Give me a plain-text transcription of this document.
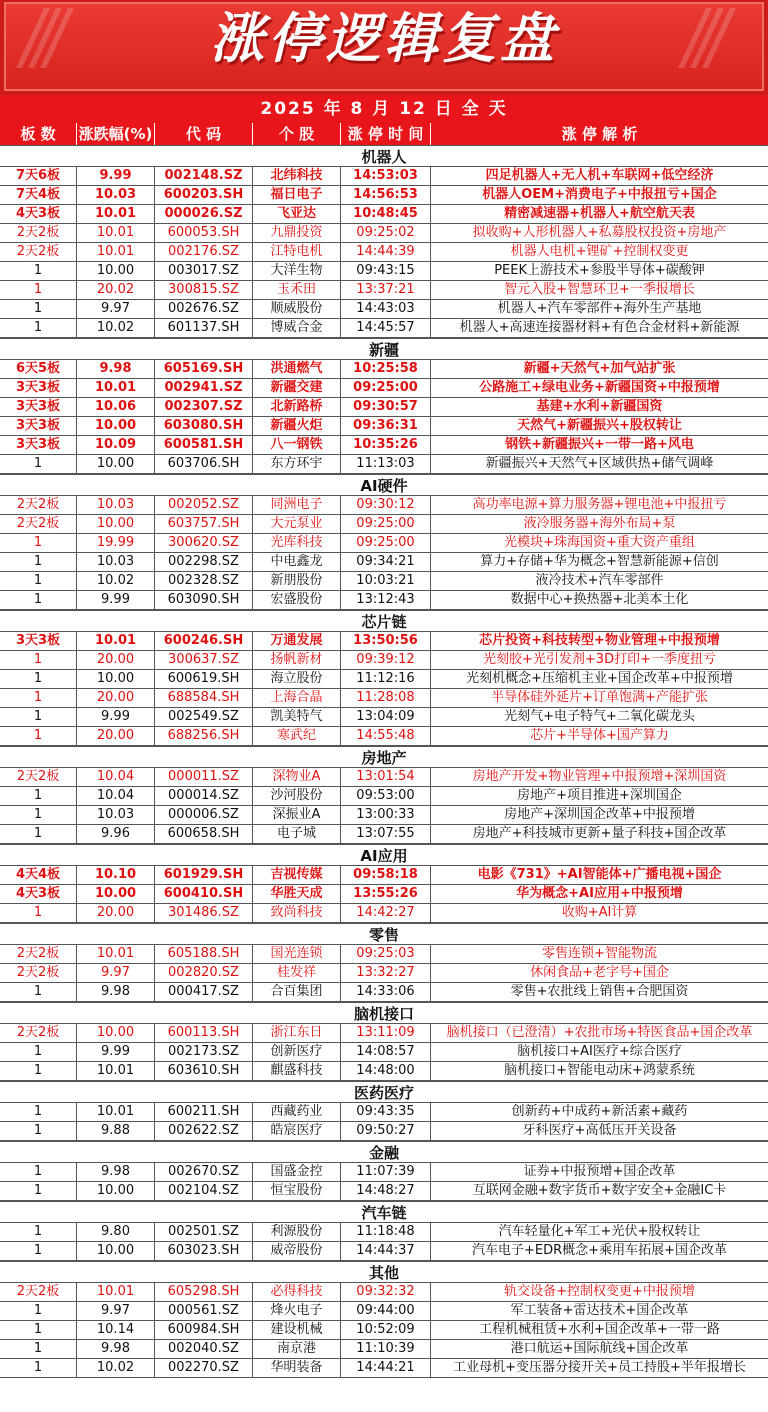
涨停逻辑复盘
2025 年 8 月 12 日 全 天
板 数	涨跌幅(%)	代 码	个 股	涨 停 时 间	涨 停 解 析
机器人
7天6板	9.99	002148.SZ	北纬科技	14:53:03	四足机器人+无人机+车联网+低空经济
7天4板	10.03	600203.SH	福日电子	14:56:53	机器人OEM+消费电子+中报扭亏+国企
4天3板	10.01	000026.SZ	飞亚达	10:48:45	精密减速器+机器人+航空航天表
2天2板	10.01	600053.SH	九鼎投资	09:25:02	拟收购+人形机器人+私募股权投资+房地产
2天2板	10.01	002176.SZ	江特电机	14:44:39	机器人电机+锂矿+控制权变更
1	10.00	003017.SZ	大洋生物	09:43:15	PEEK上游技术+参股半导体+碳酸钾
1	20.02	300815.SZ	玉禾田	13:37:21	智元入股+智慧环卫+一季报增长
1	9.97	002676.SZ	顺威股份	14:43:03	机器人+汽车零部件+海外生产基地
1	10.02	601137.SH	博威合金	14:45:57	机器人+高速连接器材料+有色合金材料+新能源
新疆
6天5板	9.98	605169.SH	洪通燃气	10:25:58	新疆+天然气+加气站扩张
3天3板	10.01	002941.SZ	新疆交建	09:25:00	公路施工+绿电业务+新疆国资+中报预增
3天3板	10.06	002307.SZ	北新路桥	09:30:57	基建+水利+新疆国资
3天3板	10.00	603080.SH	新疆火炬	09:36:31	天然气+新疆振兴+股权转让
3天3板	10.09	600581.SH	八一钢铁	10:35:26	钢铁+新疆振兴+一带一路+风电
1	10.00	603706.SH	东方环宇	11:13:03	新疆振兴+天然气+区域供热+储气调峰
AI硬件
2天2板	10.03	002052.SZ	同洲电子	09:30:12	高功率电源+算力服务器+锂电池+中报扭亏
2天2板	10.00	603757.SH	大元泵业	09:25:00	液冷服务器+海外布局+泵
1	19.99	300620.SZ	光库科技	09:25:00	光模块+珠海国资+重大资产重组
1	10.03	002298.SZ	中电鑫龙	09:34:21	算力+存储+华为概念+智慧新能源+信创
1	10.02	002328.SZ	新朋股份	10:03:21	液冷技术+汽车零部件
1	9.99	603090.SH	宏盛股份	13:12:43	数据中心+换热器+北美本土化
芯片链
3天3板	10.01	600246.SH	万通发展	13:50:56	芯片投资+科技转型+物业管理+中报预增
1	20.00	300637.SZ	扬帆新材	09:39:12	光刻胶+光引发剂+3D打印+一季度扭亏
1	10.00	600619.SH	海立股份	11:12:16	光刻机概念+压缩机主业+国企改革+中报预增
1	20.00	688584.SH	上海合晶	11:28:08	半导体硅外延片+订单饱满+产能扩张
1	9.99	002549.SZ	凯美特气	13:04:09	光刻气+电子特气+二氧化碳龙头
1	20.00	688256.SH	寒武纪	14:55:48	芯片+半导体+国产算力
房地产
2天2板	10.04	000011.SZ	深物业A	13:01:54	房地产开发+物业管理+中报预增+深圳国资
1	10.04	000014.SZ	沙河股份	09:53:00	房地产+项目推进+深圳国企
1	10.03	000006.SZ	深振业A	13:00:33	房地产+深圳国企改革+中报预增
1	9.96	600658.SH	电子城	13:07:55	房地产+科技城市更新+量子科技+国企改革
AI应用
4天4板	10.10	601929.SH	吉视传媒	09:58:18	电影《731》+AI智能体+广播电视+国企
4天3板	10.00	600410.SH	华胜天成	13:55:26	华为概念+AI应用+中报预增
1	20.00	301486.SZ	致尚科技	14:42:27	收购+AI计算
零售
2天2板	10.01	605188.SH	国光连锁	09:25:03	零售连锁+智能物流
2天2板	9.97	002820.SZ	桂发祥	13:32:27	休闲食品+老字号+国企
1	9.98	000417.SZ	合百集团	14:33:06	零售+农批线上销售+合肥国资
脑机接口
2天2板	10.00	600113.SH	浙江东日	13:11:09	脑机接口（已澄清）+农批市场+特医食品+国企改革
1	9.99	002173.SZ	创新医疗	14:08:57	脑机接口+AI医疗+综合医疗
1	10.01	603610.SH	麒盛科技	14:48:00	脑机接口+智能电动床+鸿蒙系统
医药医疗
1	10.01	600211.SH	西藏药业	09:43:35	创新药+中成药+新活素+藏药
1	9.88	002622.SZ	皓宸医疗	09:50:27	牙科医疗+高低压开关设备
金融
1	9.98	002670.SZ	国盛金控	11:07:39	证券+中报预增+国企改革
1	10.00	002104.SZ	恒宝股份	14:48:27	互联网金融+数字货币+数字安全+金融IC卡
汽车链
1	9.80	002501.SZ	利源股份	11:18:48	汽车轻量化+军工+光伏+股权转让
1	10.00	603023.SH	威帝股份	14:44:37	汽车电子+EDR概念+乘用车拓展+国企改革
其他
2天2板	10.01	605298.SH	必得科技	09:32:32	轨交设备+控制权变更+中报预增
1	9.97	000561.SZ	烽火电子	09:44:00	军工装备+雷达技术+国企改革
1	10.14	600984.SH	建设机械	10:52:09	工程机械租赁+水利+国企改革+一带一路
1	9.98	002040.SZ	南京港	11:10:39	港口航运+国际航线+国企改革
1	10.02	002270.SZ	华明装备	14:44:21	工业母机+变压器分接开关+员工持股+半年报增长
